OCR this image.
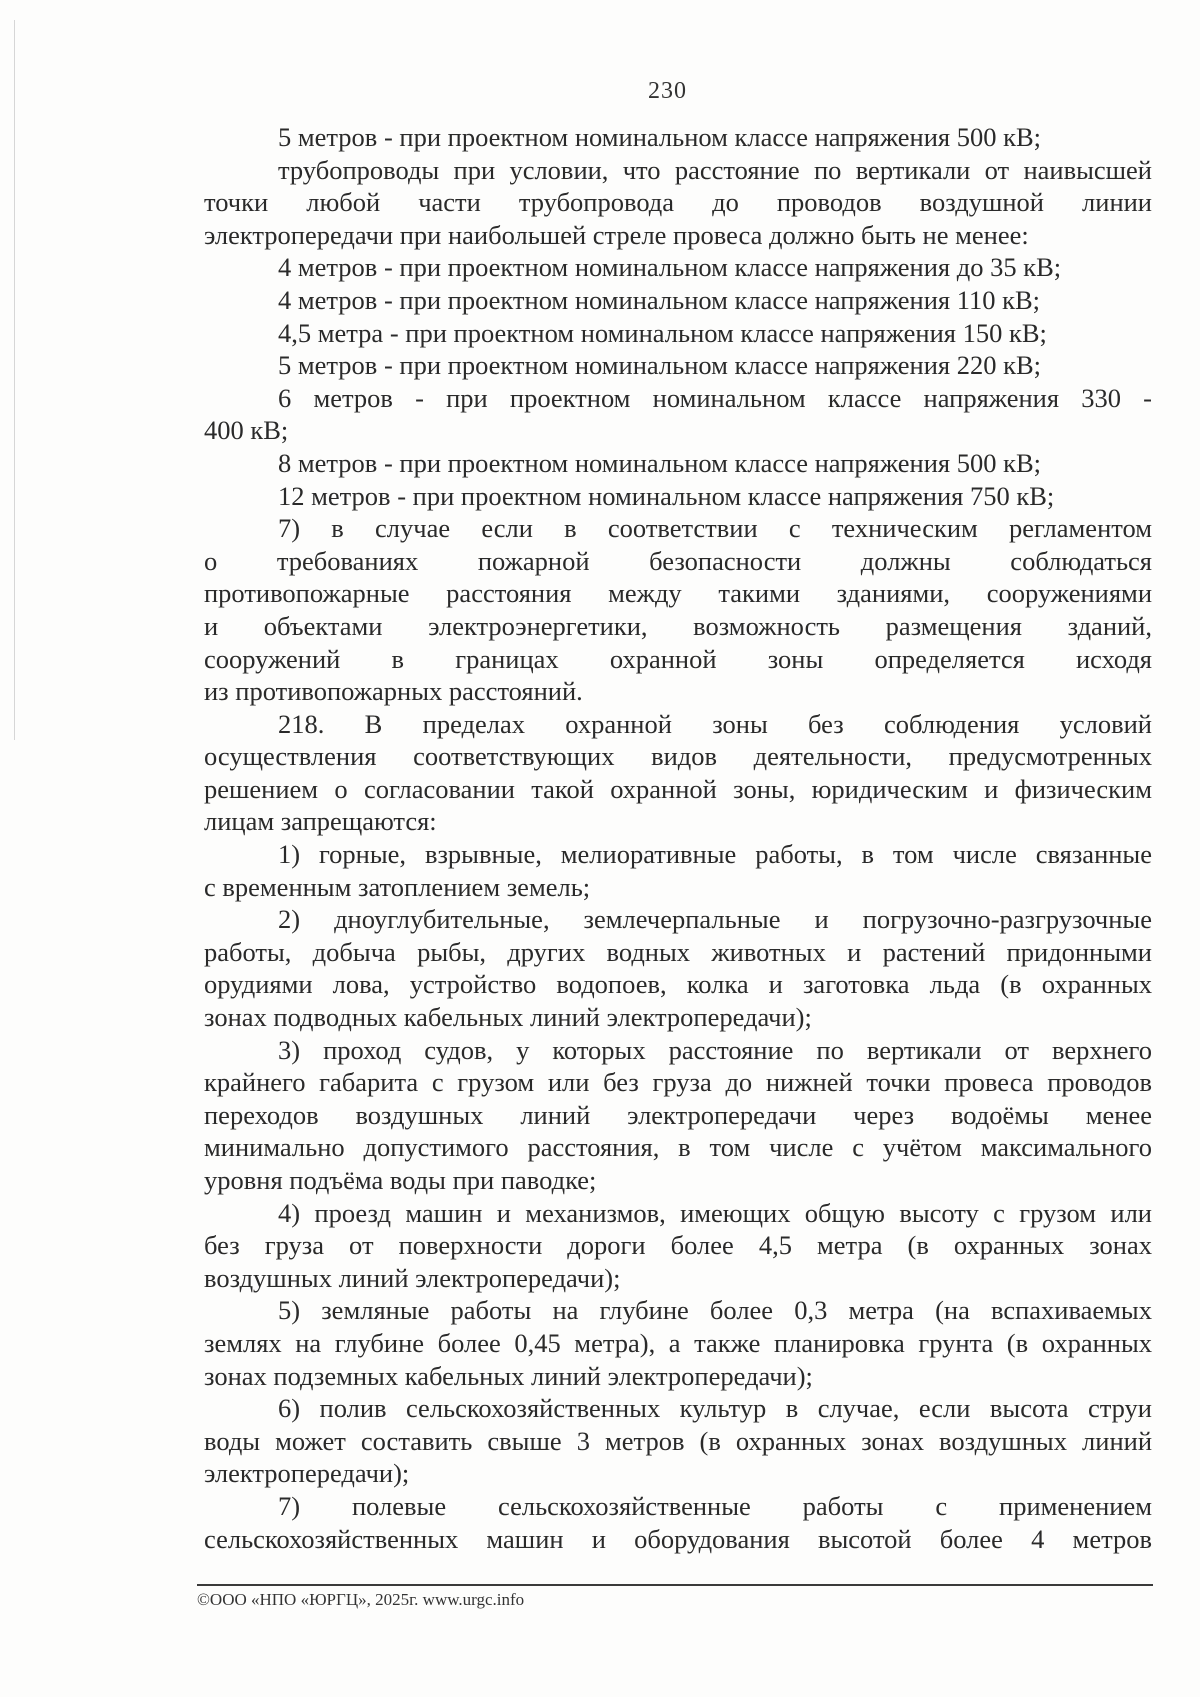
230
5 метров - при проектном номинальном классе напряжения 500 кВ;
трубопроводы при условии, что расстояние по вертикали от наивысшей
точки любой части трубопровода до проводов воздушной линии
электропередачи при наибольшей стреле провеса должно быть не менее:
4 метров - при проектном номинальном классе напряжения до 35 кВ;
4 метров - при проектном номинальном классе напряжения 110 кВ;
4,5 метра - при проектном номинальном классе напряжения 150 кВ;
5 метров - при проектном номинальном классе напряжения 220 кВ;
6 метров - при проектном номинальном классе напряжения 330 -
400 кВ;
8 метров - при проектном номинальном классе напряжения 500 кВ;
12 метров - при проектном номинальном классе напряжения 750 кВ;
7) в случае если в соответствии с техническим регламентом
о требованиях пожарной безопасности должны соблюдаться
противопожарные расстояния между такими зданиями, сооружениями
и объектами электроэнергетики, возможность размещения зданий,
сооружений в границах охранной зоны определяется исходя
из противопожарных расстояний.
218. В пределах охранной зоны без соблюдения условий
осуществления соответствующих видов деятельности, предусмотренных
решением о согласовании такой охранной зоны, юридическим и физическим
лицам запрещаются:
1) горные, взрывные, мелиоративные работы, в том числе связанные
с временным затоплением земель;
2) дноуглубительные, землечерпальные и погрузочно-разгрузочные
работы, добыча рыбы, других водных животных и растений придонными
орудиями лова, устройство водопоев, колка и заготовка льда (в охранных
зонах подводных кабельных линий электропередачи);
3) проход судов, у которых расстояние по вертикали от верхнего
крайнего габарита с грузом или без груза до нижней точки провеса проводов
переходов воздушных линий электропередачи через водоёмы менее
минимально допустимого расстояния, в том числе с учётом максимального
уровня подъёма воды при паводке;
4) проезд машин и механизмов, имеющих общую высоту с грузом или
без груза от поверхности дороги более 4,5 метра (в охранных зонах
воздушных линий электропередачи);
5) земляные работы на глубине более 0,3 метра (на вспахиваемых
землях на глубине более 0,45 метра), а также планировка грунта (в охранных
зонах подземных кабельных линий электропередачи);
6) полив сельскохозяйственных культур в случае, если высота струи
воды может составить свыше 3 метров (в охранных зонах воздушных линий
электропередачи);
7) полевые сельскохозяйственные работы с применением
сельскохозяйственных машин и оборудования высотой более 4 метров
©ООО «НПО «ЮРГЦ», 2025г. www.urgc.info
